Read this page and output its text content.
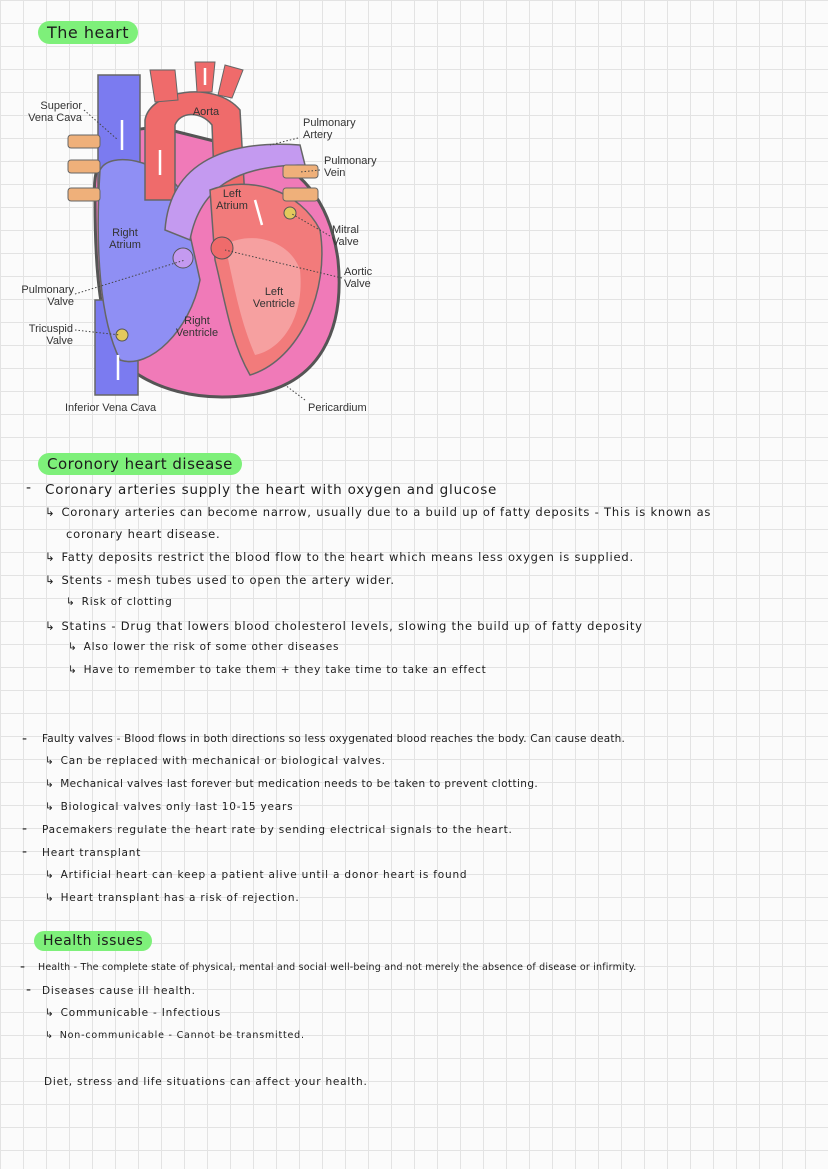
The heart
Superior
Vena Cava	Aorta
Pulmonary
Artery
Pulmonary
Vein
Left
Atrium
Right
Atrium
Mitral
Valve
Aortic
Valve
Pulmonary
Valve
Left
Ventricle
Right
Ventricle
Tricuspid
Valve
Inferior Vena Cava	Pericardium
Coronory heart disease
- Coronary arteries supply the heart with oxygen and glucose
↳ Coronary arteries can become narrow, usually due to a build up of fatty deposits - This is known as
coronary heart disease.
↳ Fatty deposits restrict the blood flow to the heart which means less oxygen is supplied.
↳ Stents - mesh tubes used to open the artery wider.
↳ Risk of clotting
↳ Statins - Drug that lowers blood cholesterol levels, slowing the build up of fatty deposity
↳ Also lower the risk of some other diseases
↳ Have to remember to take them + they take time to take an effect
- Faulty valves - Blood flows in both directions so less oxygenated blood reaches the body. Can cause death.
↳ Can be replaced with mechanical or biological valves.
↳ Mechanical valves last forever but medication needs to be taken to prevent clotting.
↳ Biological valves only last 10-15 years
- Pacemakers regulate the heart rate by sending electrical signals to the heart.
- Heart transplant
↳ Artificial heart can keep a patient alive until a donor heart is found
↳ Heart transplant has a risk of rejection.
Health issues
- Health - The complete state of physical, mental and social well-being and not merely the absence of disease or infirmity.
- Diseases cause ill health.
↳ Communicable - Infectious
↳ Non-communicable - Cannot be transmitted.
Diet, stress and life situations can affect your health.
